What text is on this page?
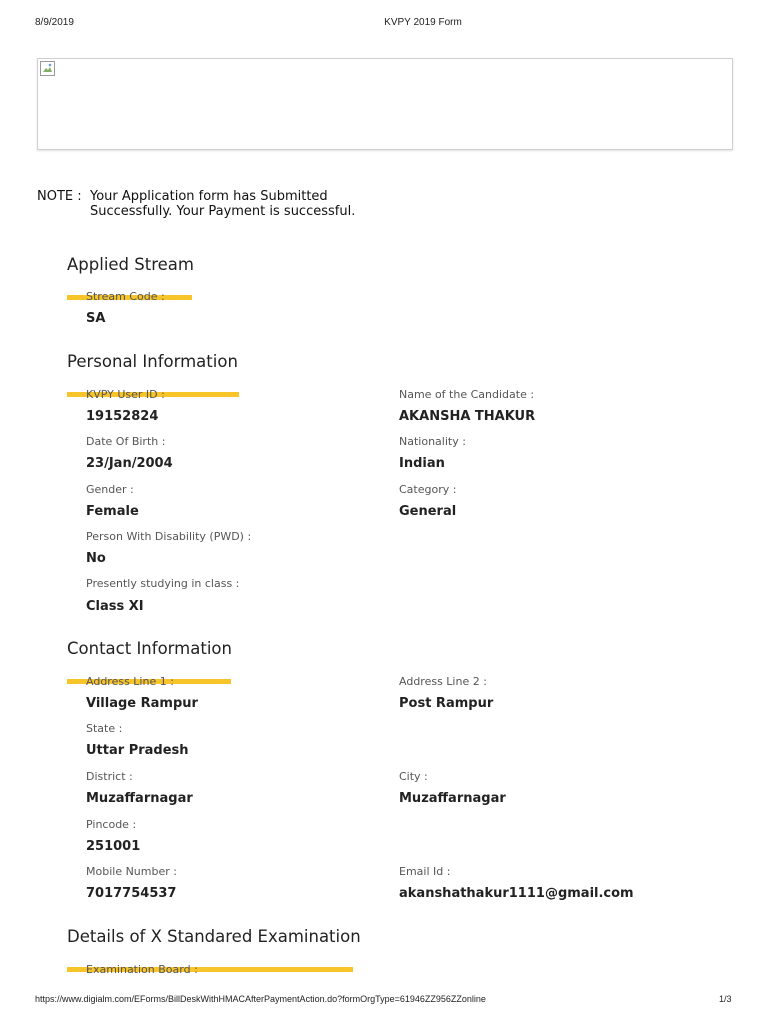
8/9/2019	KVPY 2019 Form
NOTE : Your Application form has Submitted Successfully. Your Payment is successful.
Applied Stream
Stream Code :
SA
Personal Information
KVPY User ID :
19152824
Name of the Candidate :
AKANSHA THAKUR
Date Of Birth :
23/Jan/2004
Nationality :
Indian
Gender :
Female
Category :
General
Person With Disability (PWD) :
No
Presently studying in class :
Class XI
Contact Information
Address Line 1 :
Village Rampur
Address Line 2 :
Post Rampur
State :
Uttar Pradesh
District :
Muzaffarnagar
City :
Muzaffarnagar
Pincode :
251001
Mobile Number :
7017754537
Email Id :
akanshathakur1111@gmail.com
Details of X Standared Examination
Examination Board :
https://www.digialm.com/EForms/BillDeskWithHMACAfterPaymentAction.do?formOrgType=61946ZZ956ZZonline	1/3
